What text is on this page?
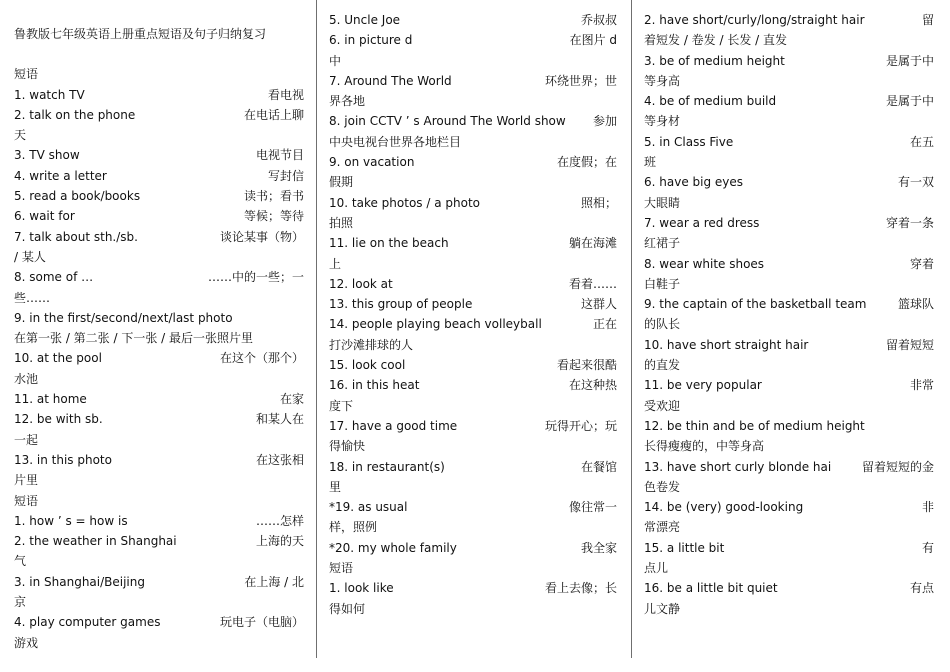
鲁教版七年级英语上册重点短语及句子归纳复习
短语
1. watch TV	看电视
2. talk on the phone	在电话上聊
天
3. TV show	电视节目
4. write a letter	写封信
5. read a book/books	读书；看书
6. wait for	等候；等待
7. talk about sth./sb.	谈论某事（物）
/ 某人
8. some of …	……中的一些；一
些……
9. in the first/second/next/last photo
在第一张 / 第二张 / 下一张 / 最后一张照片里
10. at the pool	在这个（那个）
水池
11. at home	在家
12. be with sb.	和某人在
一起
13. in this photo	在这张相
片里
短语
1. how ’ s = how is	……怎样
2. the weather in Shanghai	上海的天
气
3. in Shanghai/Beijing	在上海 / 北
京
4. play computer games	玩电子（电脑）
游戏
5. Uncle Joe	乔叔叔
6. in picture d	在图片 d
中
7. Around The World	环绕世界；世
界各地
8. join CCTV ’ s Around The World show 参加
中央电视台世界各地栏目
9. on vacation	在度假；在
假期
10. take photos / a photo	照相；
拍照
11. lie on the beach	躺在海滩
上
12. look at	看着……
13. this group of people	这群人
14. people playing beach volleyball	正在
打沙滩排球的人
15. look cool	看起来很酷
16. in this heat	在这种热
度下
17. have a good time	玩得开心；玩
得愉快
18. in restaurant(s)	在餐馆
里
*19. as usual	像往常一
样，照例
*20. my whole family	我全家
短语
1. look like	看上去像；长
得如何
2. have short/curly/long/straight hair	留
着短发 / 卷发 / 长发 / 直发
3. be of medium height	是属于中
等身高
4. be of medium build	是属于中
等身材
5. in Class Five	在五
班
6. have big eyes	有一双
大眼睛
7. wear a red dress	穿着一条
红裙子
8. wear white shoes	穿着
白鞋子
9. the captain of the basketball team	篮球队
的队长
10. have short straight hair	留着短短
的直发
11. be very popular	非常
受欢迎
12. be thin and be of medium height
长得瘦瘦的，中等身高
13. have short curly blonde hai	留着短短的金
色卷发
14. be (very) good-looking	非
常漂亮
15. a little bit	有
点儿
16. be a little bit quiet	有点
儿文静
